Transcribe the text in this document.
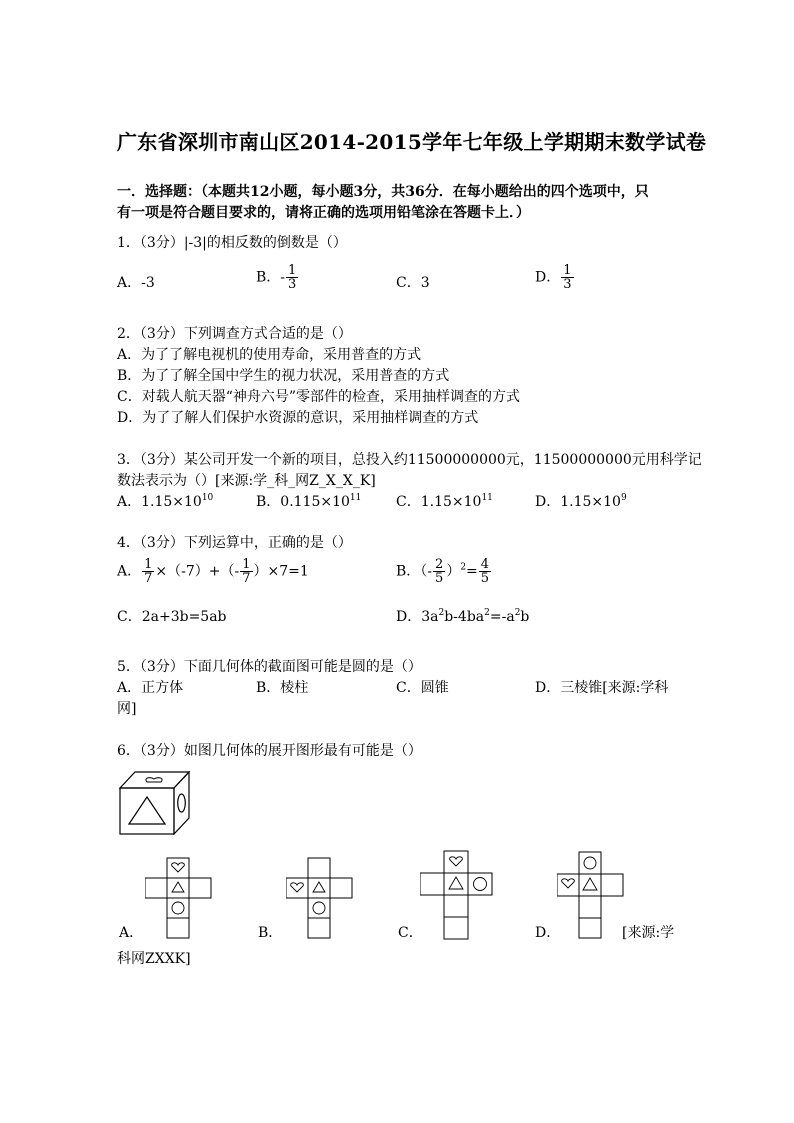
广东省深圳市南山区2014-2015学年七年级上学期期末数学试卷
一．选择题：（本题共12小题，每小题3分，共36分．在每小题给出的四个选项中，只
有一项是符合题目要求的，请将正确的选项用铅笔涂在答题卡上．）
1．（3分）|-3|的相反数的倒数是（）
A．-3	B．- $\frac{1}{3}$	C．3	D． $\frac{1}{3}$
2．（3分）下列调查方式合适的是（）
A．为了了解电视机的使用寿命，采用普查的方式
B．为了了解全国中学生的视力状况，采用普查的方式
C．对载人航天器“神舟六号”零部件的检查，采用抽样调查的方式
D．为了了解人们保护水资源的意识，采用抽样调查的方式
3．（3分）某公司开发一个新的项目，总投入约11500000000元，11500000000元用科学记
数法表示为（）[来源:学_科_网Z_X_X_K]
A．$1.15\times 10^{10}$	B．$0.115\times 10^{11}$ C．$1.15\times 10^{11}$	D．$1.15\times 10^9$
4．（3分）下列运算中，正确的是（）
A． $\frac{1}{7} \times(-7)+(- \frac{1}{7} )\times 7=1$	B．（- $\frac{2}{5} )^2= \frac{4}{5}$
C．2a+3b=5ab	D．$3a^2b-4ba^2=-a^2b$
5．（3分）下面几何体的截面图可能是圆的是（）
A．正方体	B．棱柱	C．圆锥	D．三棱锥[来源:学科
网]
6．（3分）如图几何体的展开图形最有可能是（）
A．	B．	C．	D．	[来源:学
科网ZXXK]
